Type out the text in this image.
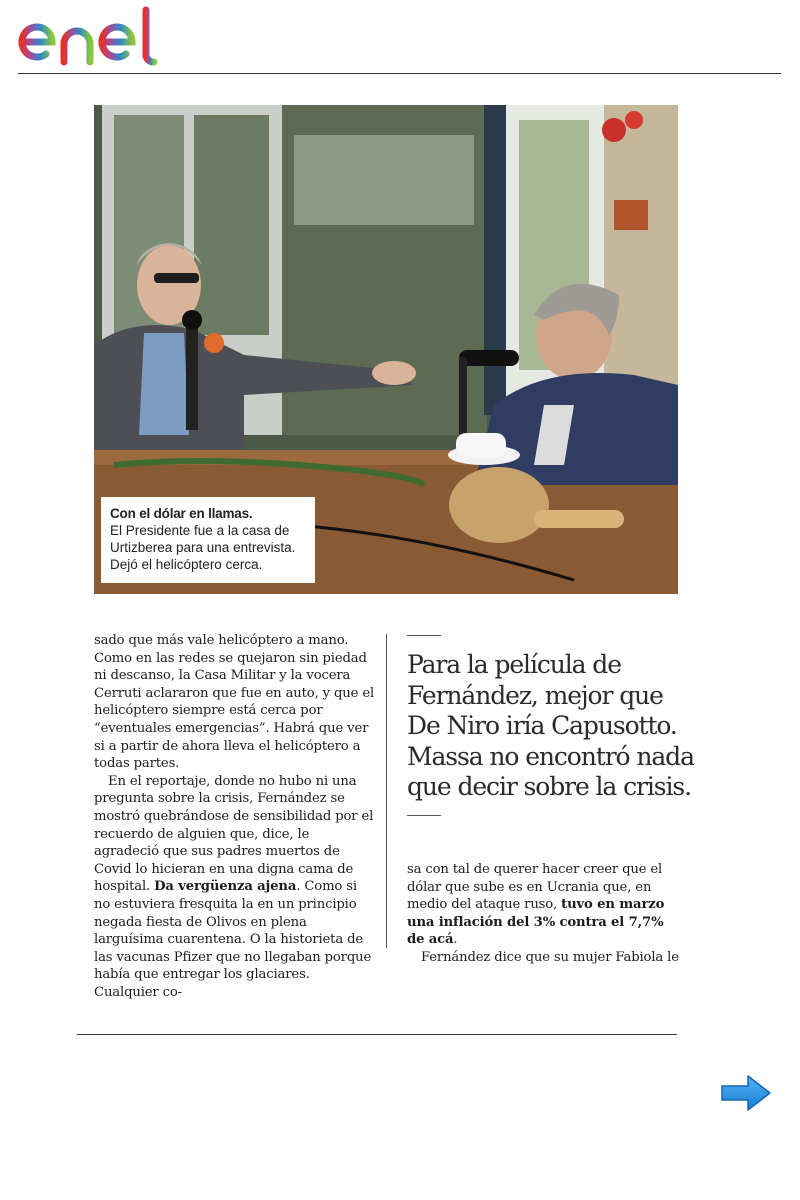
Con el dólar en llamas.
El Presidente fue a la casa de Urtizberea para una entrevista. Dejó el helicóptero cerca.

sado que más vale helicóptero a mano. Como en las redes se quejaron sin piedad ni descanso, la Casa Militar y la vocera Cerruti aclararon que fue en auto, y que el helicóptero siempre está cerca por “eventuales emergencias”. Habrá que ver si a partir de ahora lleva el helicóptero a todas partes.

En el reportaje, donde no hubo ni una pregunta sobre la crisis, Fernández se mostró quebrándose de sensibilidad por el recuerdo de alguien que, dice, le agradeció que sus padres muertos de Covid lo hicieran en una digna cama de hospital. Da vergüenza ajena. Como si no estuviera fresquita la en un principio negada fiesta de Olivos en plena larguísima cuarentena. O la historieta de las vacunas Pfizer que no llegaban porque había que entregar los glaciares. Cualquier co-

Para la película de Fernández, mejor que De Niro iría Capusotto. Massa no encontró nada que decir sobre la crisis.

sa con tal de querer hacer creer que el dólar que sube es en Ucrania que, en medio del ataque ruso, tuvo en marzo una inflación del 3% contra el 7,7% de acá.

Fernández dice que su mujer Fabiola le
